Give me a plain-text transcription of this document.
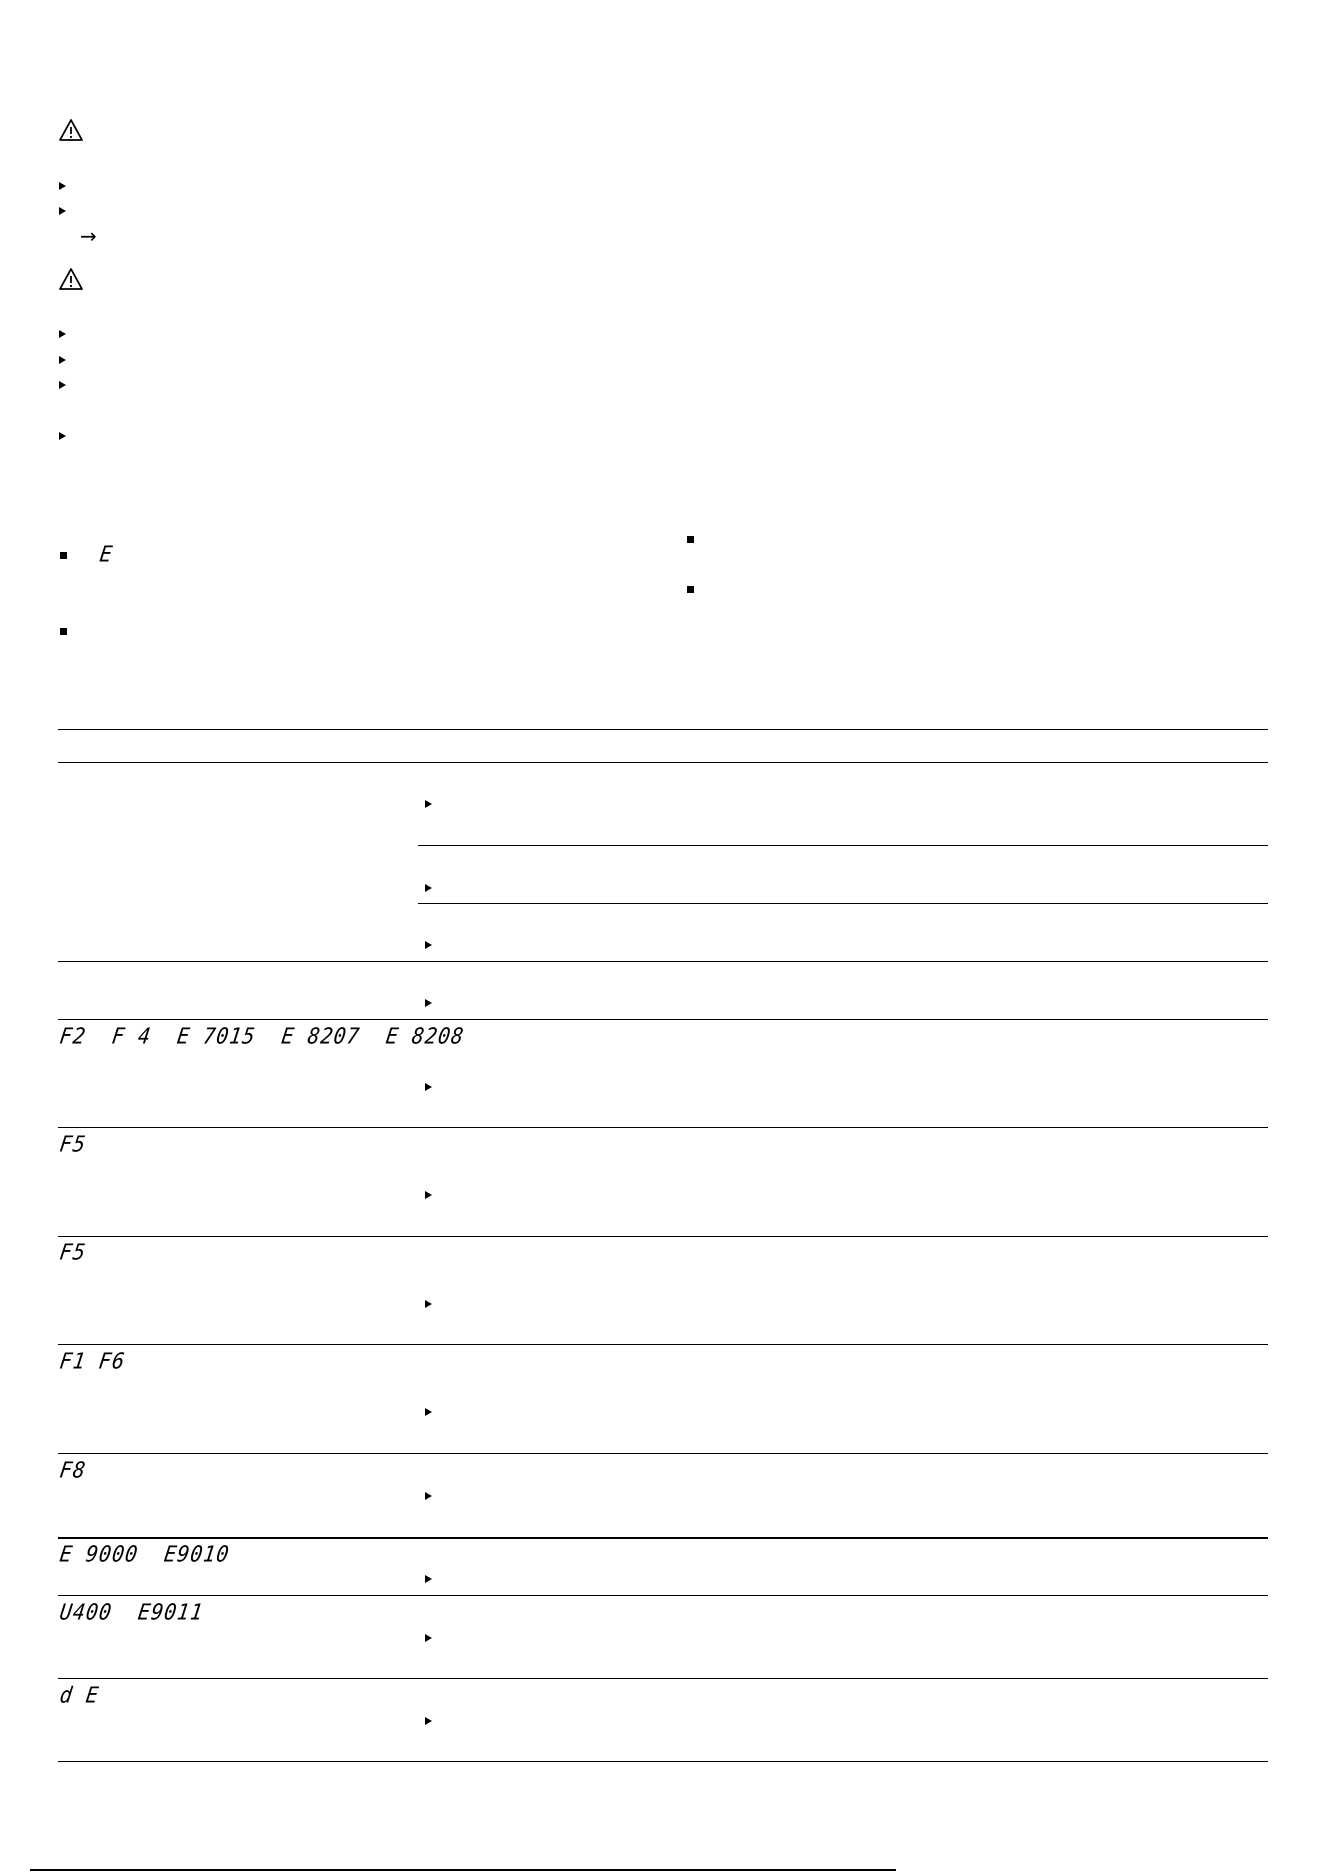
→
E
F2  F 4  E 7015  E 8207  E 8208
F5
F5
F1 F6
F8
E 9000  E9010
U400  E9011
d E
